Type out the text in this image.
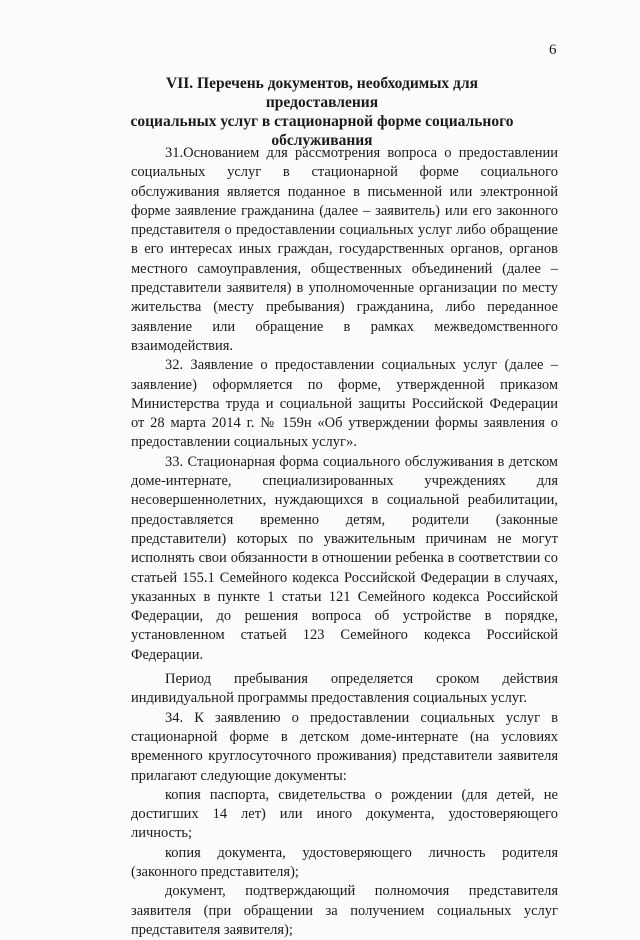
6
VII. Перечень документов, необходимых для предоставления
социальных услуг в стационарной форме социального
обслуживания

31.Основанием для рассмотрения вопроса о предоставлении социальных услуг в стационарной форме социального обслуживания является поданное в письменной или электронной форме заявление гражданина (далее – заявитель) или его законного представителя о предоставлении социальных услуг либо обращение в его интересах иных граждан, государственных органов, органов местного самоуправления, общественных объединений (далее – представители заявителя) в уполномоченные организации по месту жительства (месту пребывания) гражданина, либо переданное заявление или обращение в рамках межведомственного взаимодействия.

32. Заявление о предоставлении социальных услуг (далее – заявление) оформляется по форме, утвержденной приказом Министерства труда и социальной защиты Российской Федерации от 28 марта 2014 г. № 159н «Об утверждении формы заявления о предоставлении социальных услуг».

33. Стационарная форма социального обслуживания в детском доме-интернате, специализированных учреждениях для несовершеннолетних, нуждающихся в социальной реабилитации, предоставляется временно детям, родители (законные представители) которых по уважительным причинам не могут исполнять свои обязанности в отношении ребенка в соответствии со статьей 155.1 Семейного кодекса Российской Федерации в случаях, указанных в пункте 1 статьи 121 Семейного кодекса Российской Федерации, до решения вопроса об устройстве в порядке, установленном статьей 123 Семейного кодекса Российской Федерации.

Период пребывания определяется сроком действия индивидуальной программы предоставления социальных услуг.

34. К заявлению о предоставлении социальных услуг в стационарной форме в детском доме-интернате (на условиях временного круглосуточного проживания) представители заявителя прилагают следующие документы:

копия паспорта, свидетельства о рождении (для детей, не достигших 14 лет) или иного документа, удостоверяющего личность;

копия документа, удостоверяющего личность родителя (законного представителя);

документ, подтверждающий полномочия представителя заявителя (при обращении за получением социальных услуг представителя заявителя);
